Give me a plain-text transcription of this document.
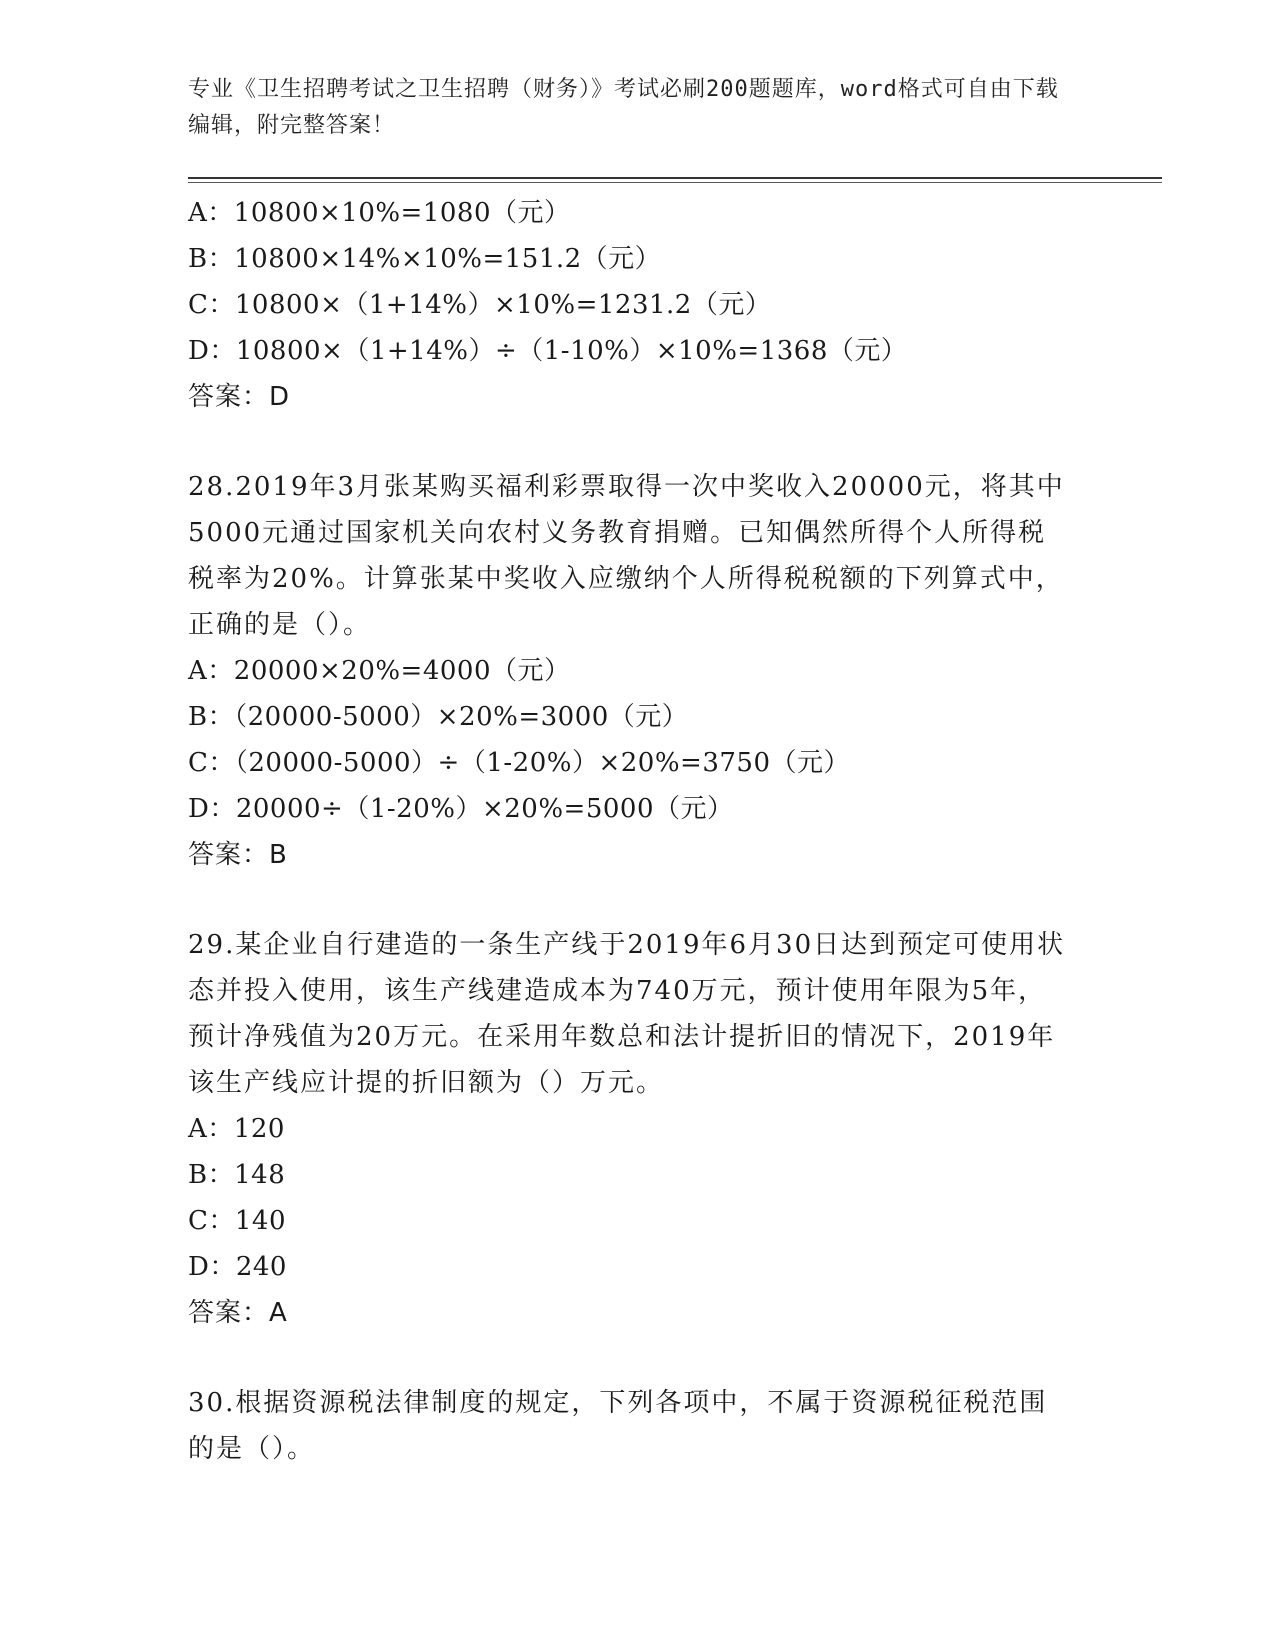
专业《卫生招聘考试之卫生招聘（财务）》考试必刷200题题库，word格式可自由下载编辑，附完整答案！
A：10800×10%=1080（元）
B：10800×14%×10%=151.2（元）
C：10800×（1+14%）×10%=1231.2（元）
D：10800×（1+14%）÷（1-10%）×10%=1368（元）
答案：D
28.2019年3月张某购买福利彩票取得一次中奖收入20000元，将其中5000元通过国家机关向农村义务教育捐赠。已知偶然所得个人所得税税率为20%。计算张某中奖收入应缴纳个人所得税税额的下列算式中，正确的是（）。
A：20000×20%=4000（元）
B：（20000-5000）×20%=3000（元）
C：（20000-5000）÷（1-20%）×20%=3750（元）
D：20000÷（1-20%）×20%=5000（元）
答案：B
29.某企业自行建造的一条生产线于2019年6月30日达到预定可使用状态并投入使用，该生产线建造成本为740万元，预计使用年限为5年，预计净残值为20万元。在采用年数总和法计提折旧的情况下，2019年该生产线应计提的折旧额为（）万元。
A：120
B：148
C：140
D：240
答案：A
30.根据资源税法律制度的规定，下列各项中，不属于资源税征税范围的是（）。
